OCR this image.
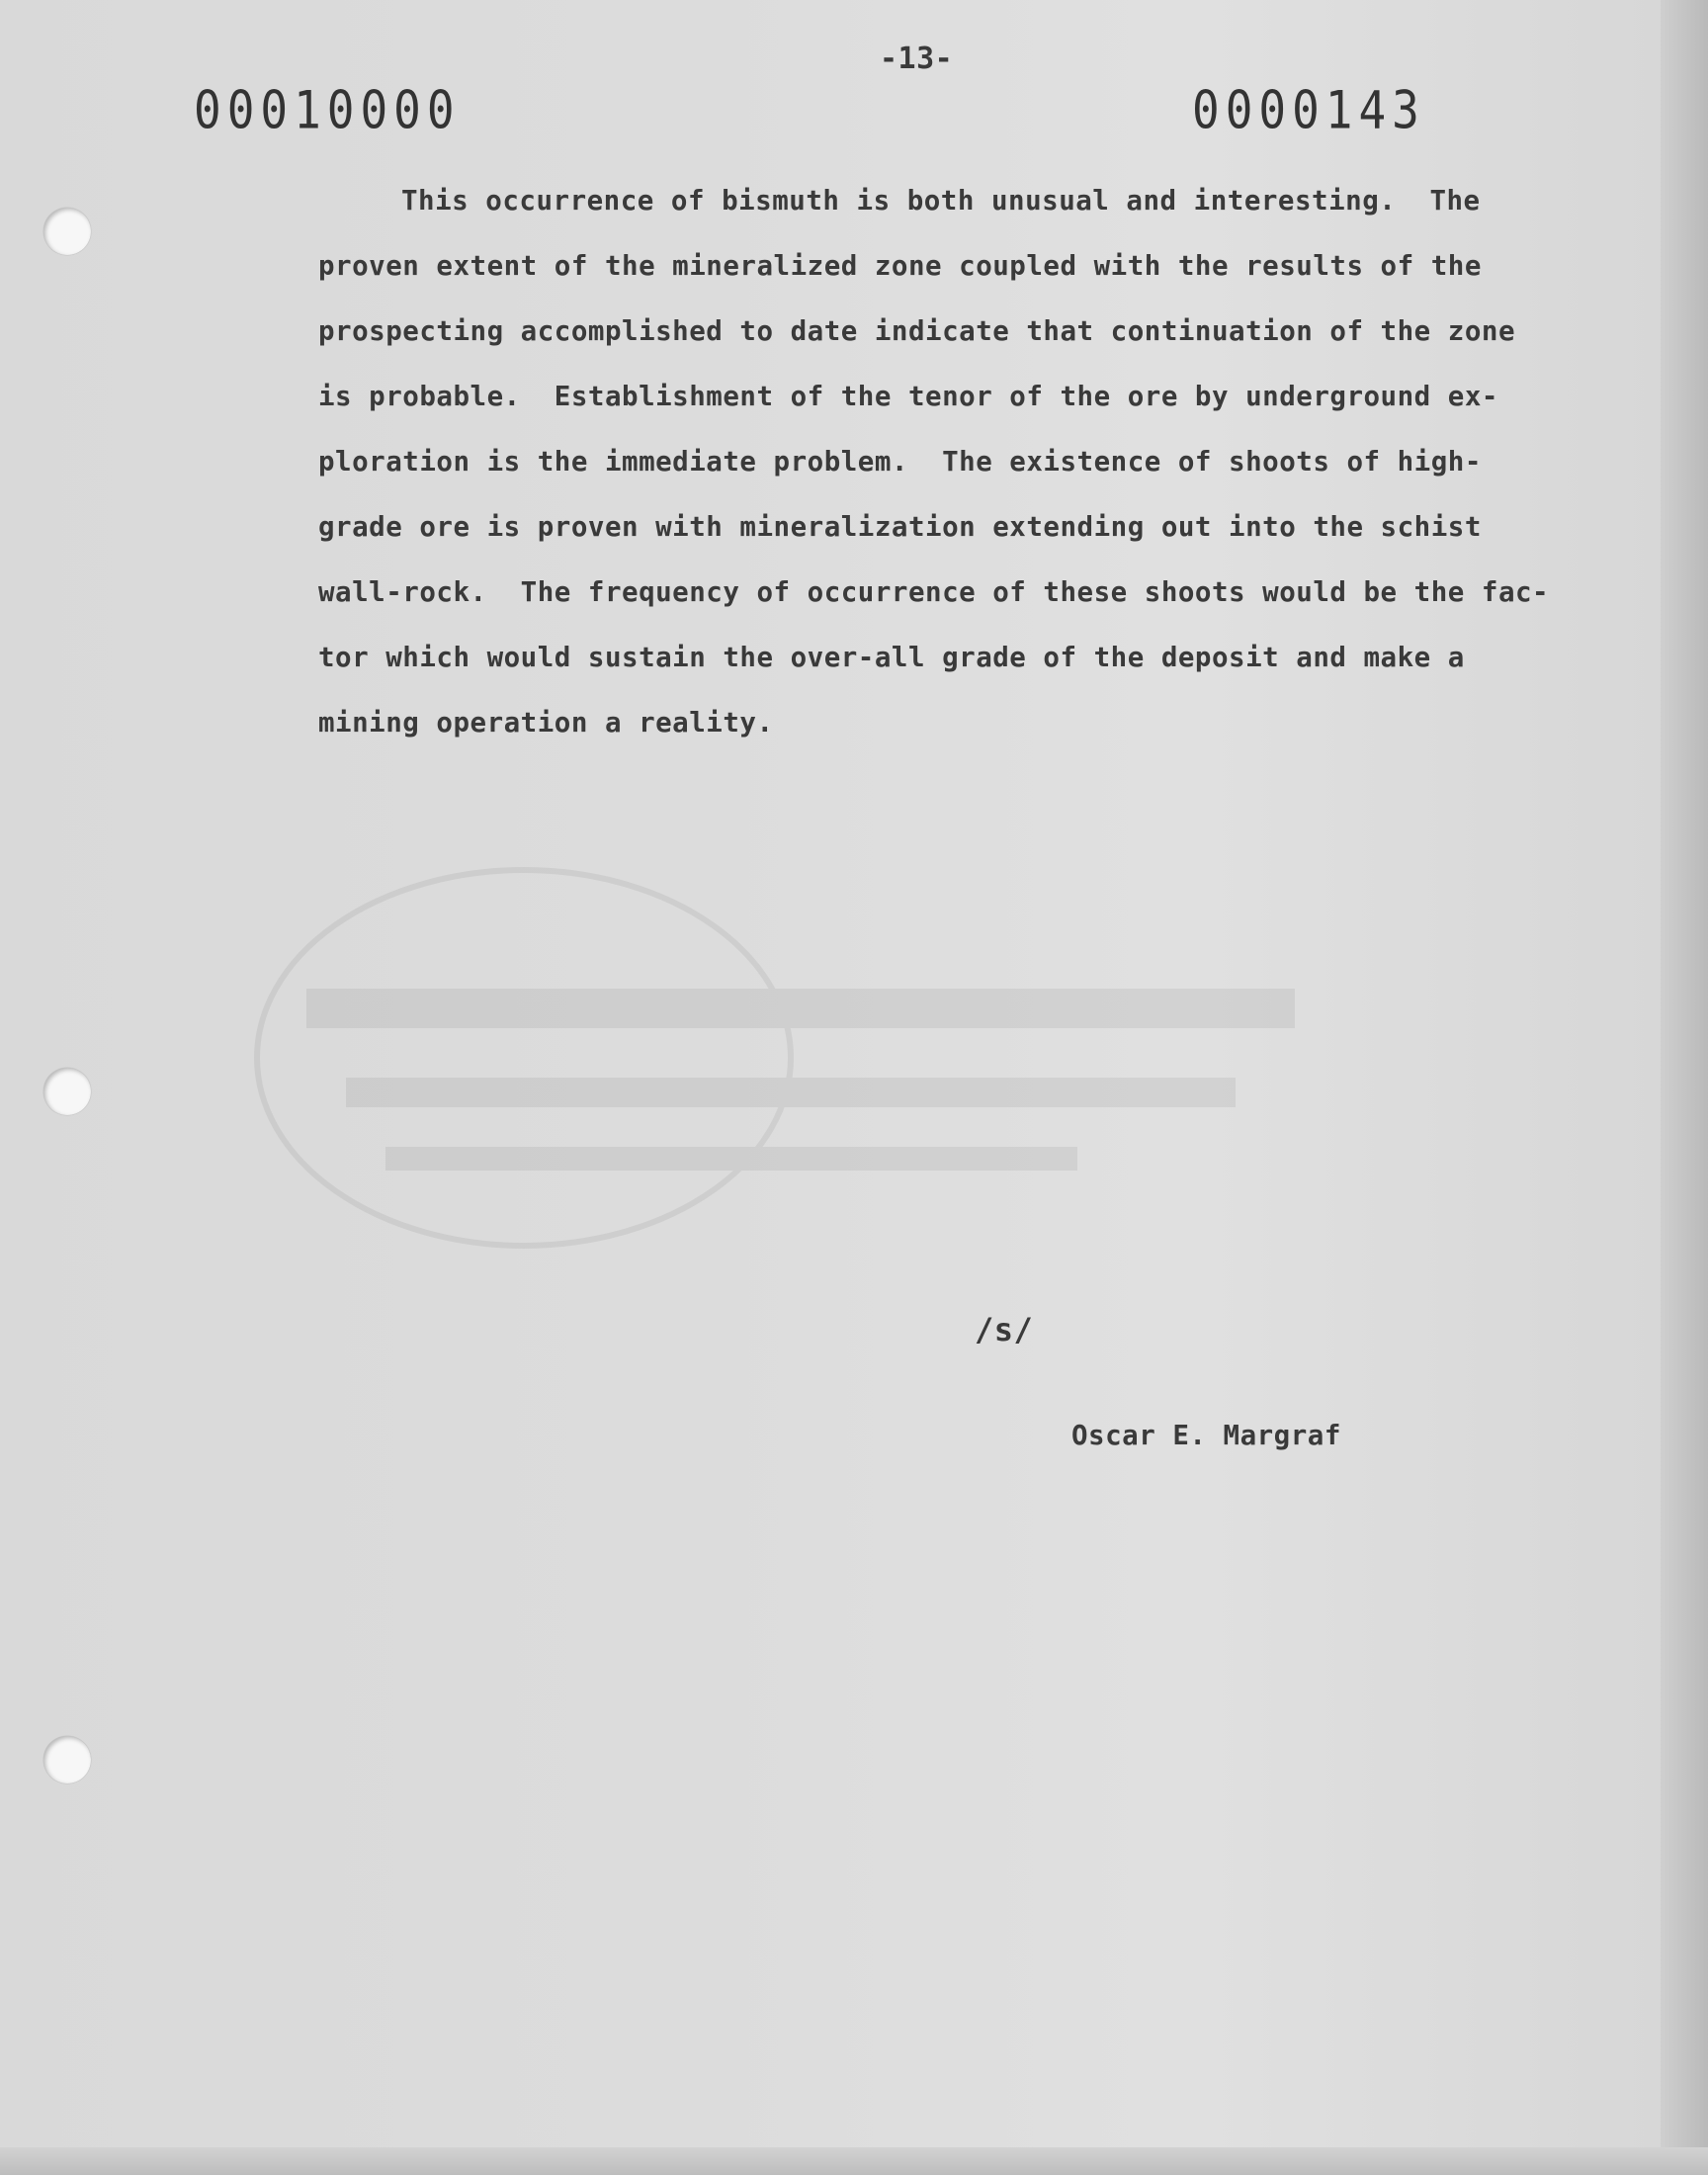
-13-
00010000	0000143
This occurrence of bismuth is both unusual and interesting.  The
proven extent of the mineralized zone coupled with the results of the
prospecting accomplished to date indicate that continuation of the zone
is probable.  Establishment of the tenor of the ore by underground ex-
ploration is the immediate problem.  The existence of shoots of high-
grade ore is proven with mineralization extending out into the schist
wall-rock.  The frequency of occurrence of these shoots would be the fac-
tor which would sustain the over-all grade of the deposit and make a
mining operation a reality.
/s/
Oscar E. Margraf
